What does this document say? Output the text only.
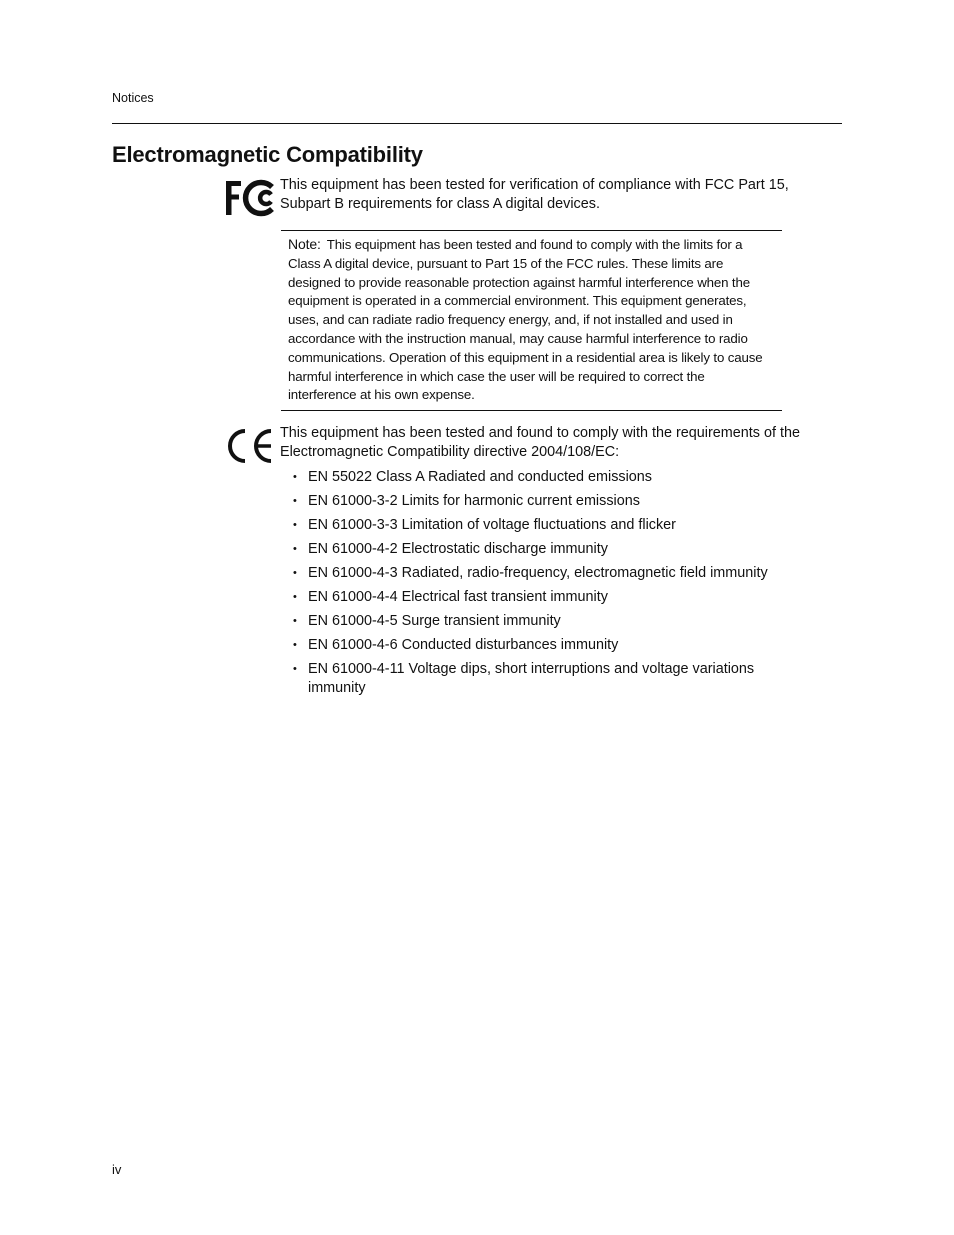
Notices
Electromagnetic Compatibility
This equipment has been tested for verification of compliance with FCC Part 15, Subpart B requirements for class A digital devices.
Note: This equipment has been tested and found to comply with the limits for a Class A digital device, pursuant to Part 15 of the FCC rules. These limits are designed to provide reasonable protection against harmful interference when the equipment is operated in a commercial environment. This equipment generates, uses, and can radiate radio frequency energy, and, if not installed and used in accordance with the instruction manual, may cause harmful interference to radio communications. Operation of this equipment in a residential area is likely to cause harmful interference in which case the user will be required to correct the interference at his own expense.
This equipment has been tested and found to comply with the requirements of the Electromagnetic Compatibility directive 2004/108/EC:
• EN 55022 Class A Radiated and conducted emissions
• EN 61000-3-2 Limits for harmonic current emissions
• EN 61000-3-3 Limitation of voltage fluctuations and flicker
• EN 61000-4-2 Electrostatic discharge immunity
• EN 61000-4-3 Radiated, radio-frequency, electromagnetic field immunity
• EN 61000-4-4 Electrical fast transient immunity
• EN 61000-4-5 Surge transient immunity
• EN 61000-4-6 Conducted disturbances immunity
• EN 61000-4-11 Voltage dips, short interruptions and voltage variations immunity
iv
